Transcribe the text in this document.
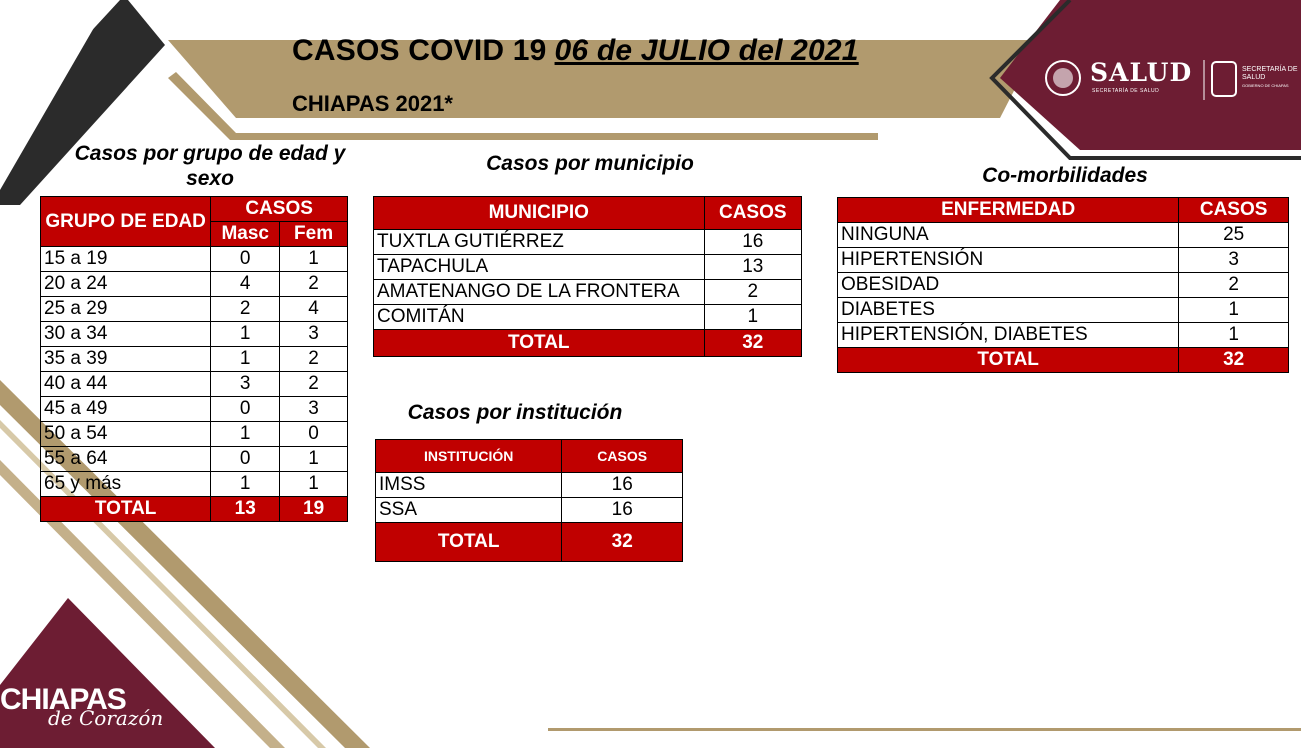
CASOS COVID 19 06 de JULIO del 2021
CHIAPAS 2021*
SALUD
SECRETARÍA DE SALUD
SECRETARÍA DE SALUD
GOBIERNO DE CHIAPAS
CHIAPAS
de Corazón
Casos por grupo de edad y sexo
GRUPO DE EDAD	CASOS	
	Masc	Fem
15 a 19	0	1
20 a 24	4	2
25 a 29	2	4
30 a 34	1	3
35 a 39	1	2
40 a 44	3	2
45 a 49	0	3
50 a 54	1	0
55 a 64	0	1
65 y más	1	1
TOTAL	13	19
Casos por municipio
MUNICIPIO	CASOS
TUXTLA GUTIÉRREZ	16
TAPACHULA	13
AMATENANGO DE LA FRONTERA	2
COMITÁN	1
TOTAL	32
Casos por institución
INSTITUCIÓN	CASOS
IMSS	16
SSA	16
TOTAL	32
Co-morbilidades
ENFERMEDAD	CASOS
NINGUNA	25
HIPERTENSIÓN	3
OBESIDAD	2
DIABETES	1
HIPERTENSIÓN, DIABETES	1
TOTAL	32
